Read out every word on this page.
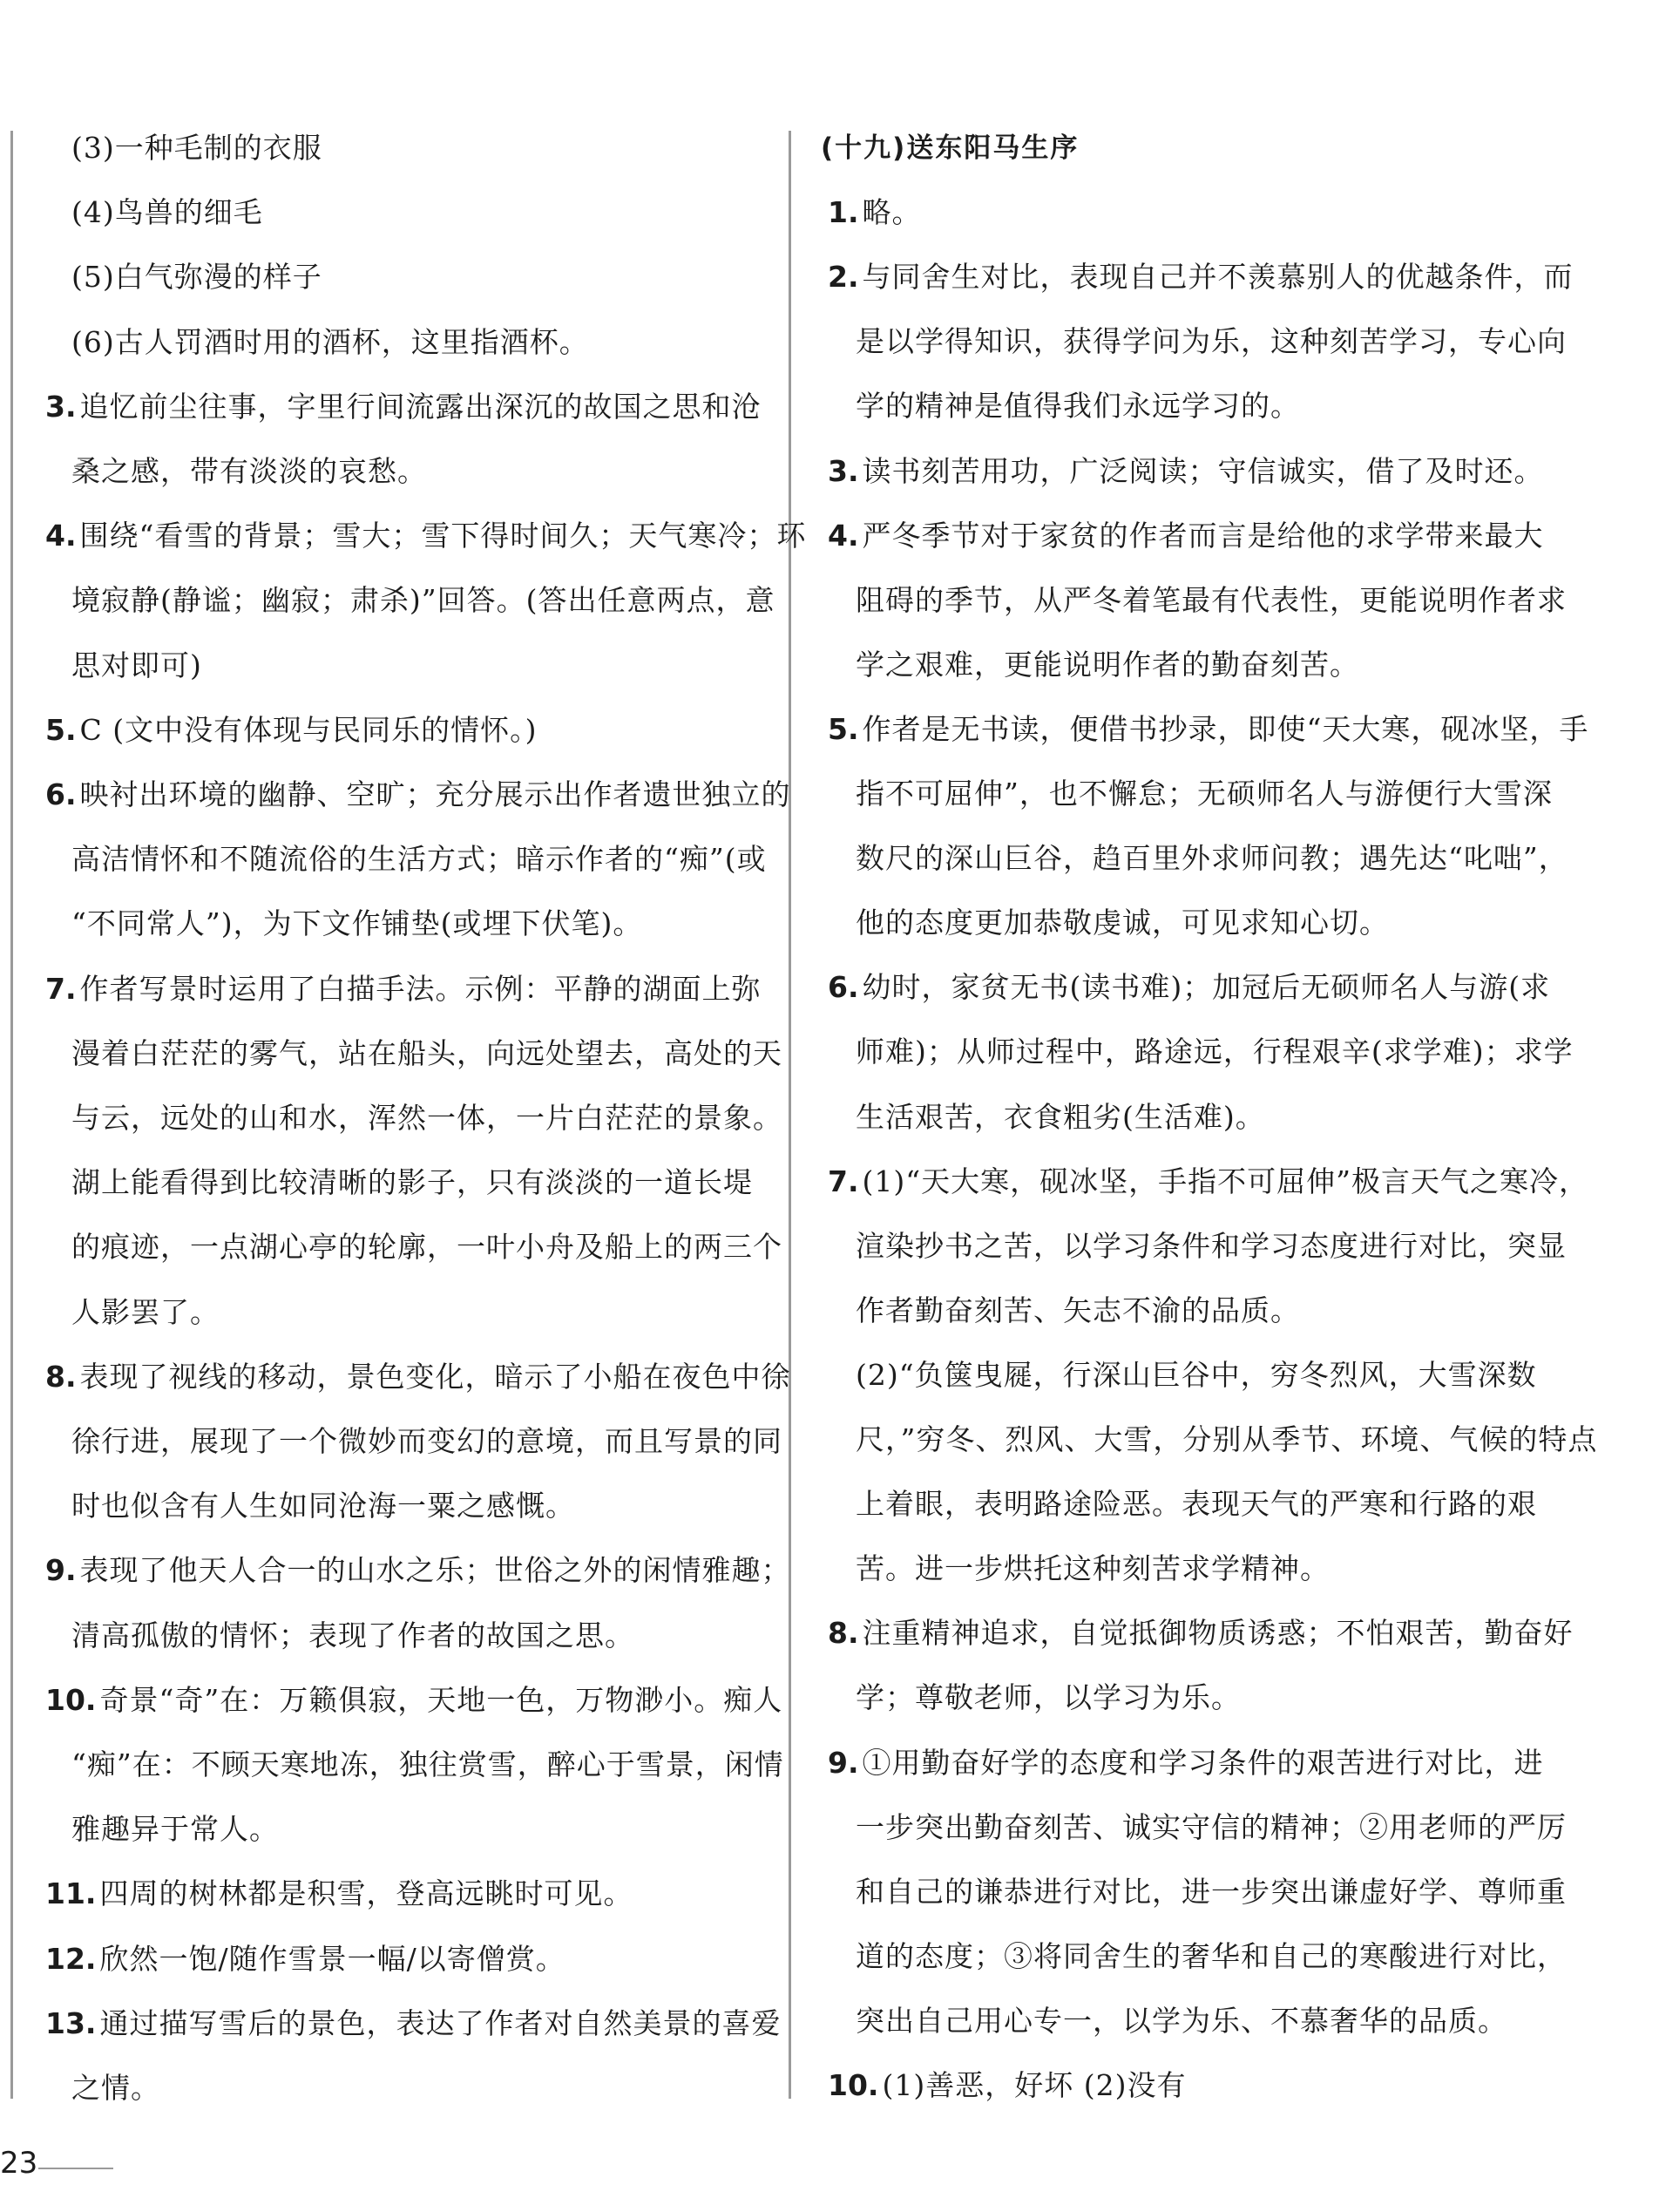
(3)一种毛制的衣服
(4)鸟兽的细毛
(5)白气弥漫的样子
(6)古人罚酒时用的酒杯，这里指酒杯。
3. 追忆前尘往事，字里行间流露出深沉的故国之思和沧
桑之感，带有淡淡的哀愁。
4. 围绕“看雪的背景；雪大；雪下得时间久；天气寒冷；环
境寂静(静谧；幽寂；肃杀)”回答。(答出任意两点，意
思对即可)
5. C (文中没有体现与民同乐的情怀。)
6. 映衬出环境的幽静、空旷；充分展示出作者遗世独立的
高洁情怀和不随流俗的生活方式；暗示作者的“痴”(或
“不同常人”)，为下文作铺垫(或埋下伏笔)。
7. 作者写景时运用了白描手法。示例：平静的湖面上弥
漫着白茫茫的雾气，站在船头，向远处望去，高处的天
与云，远处的山和水，浑然一体，一片白茫茫的景象。
湖上能看得到比较清晰的影子，只有淡淡的一道长堤
的痕迹，一点湖心亭的轮廓，一叶小舟及船上的两三个
人影罢了。
8. 表现了视线的移动，景色变化，暗示了小船在夜色中徐
徐行进，展现了一个微妙而变幻的意境，而且写景的同
时也似含有人生如同沧海一粟之感慨。
9. 表现了他天人合一的山水之乐；世俗之外的闲情雅趣；
清高孤傲的情怀；表现了作者的故国之思。
10. 奇景“奇”在：万籁俱寂，天地一色，万物渺小。痴人
“痴”在：不顾天寒地冻，独往赏雪，醉心于雪景，闲情
雅趣异于常人。
11. 四周的树林都是积雪，登高远眺时可见。
12. 欣然一饱/随作雪景一幅/以寄僧赏。
13. 通过描写雪后的景色，表达了作者对自然美景的喜爱
之情。
(十九)送东阳马生序
1. 略。
2. 与同舍生对比，表现自己并不羡慕别人的优越条件，而
是以学得知识，获得学问为乐，这种刻苦学习，专心向
学的精神是值得我们永远学习的。
3. 读书刻苦用功，广泛阅读；守信诚实，借了及时还。
4. 严冬季节对于家贫的作者而言是给他的求学带来最大
阻碍的季节，从严冬着笔最有代表性，更能说明作者求
学之艰难，更能说明作者的勤奋刻苦。
5. 作者是无书读，便借书抄录，即使“天大寒，砚冰坚，手
指不可屈伸”，也不懈怠；无硕师名人与游便行大雪深
数尺的深山巨谷，趋百里外求师问教；遇先达“叱咄”，
他的态度更加恭敬虔诚，可见求知心切。
6. 幼时，家贫无书(读书难)；加冠后无硕师名人与游(求
师难)；从师过程中，路途远，行程艰辛(求学难)；求学
生活艰苦，衣食粗劣(生活难)。
7. (1)“天大寒，砚冰坚，手指不可屈伸”极言天气之寒冷，
渲染抄书之苦，以学习条件和学习态度进行对比，突显
作者勤奋刻苦、矢志不渝的品质。
(2)“负箧曳屣，行深山巨谷中，穷冬烈风，大雪深数
尺，”穷冬、烈风、大雪，分别从季节、环境、气候的特点
上着眼，表明路途险恶。表现天气的严寒和行路的艰
苦。进一步烘托这种刻苦求学精神。
8. 注重精神追求，自觉抵御物质诱惑；不怕艰苦，勤奋好
学；尊敬老师，以学习为乐。
9. ①用勤奋好学的态度和学习条件的艰苦进行对比，进
一步突出勤奋刻苦、诚实守信的精神；②用老师的严厉
和自己的谦恭进行对比，进一步突出谦虚好学、尊师重
道的态度；③将同舍生的奢华和自己的寒酸进行对比，
突出自己用心专一，以学为乐、不慕奢华的品质。
10. (1)善恶，好坏 (2)没有
23
